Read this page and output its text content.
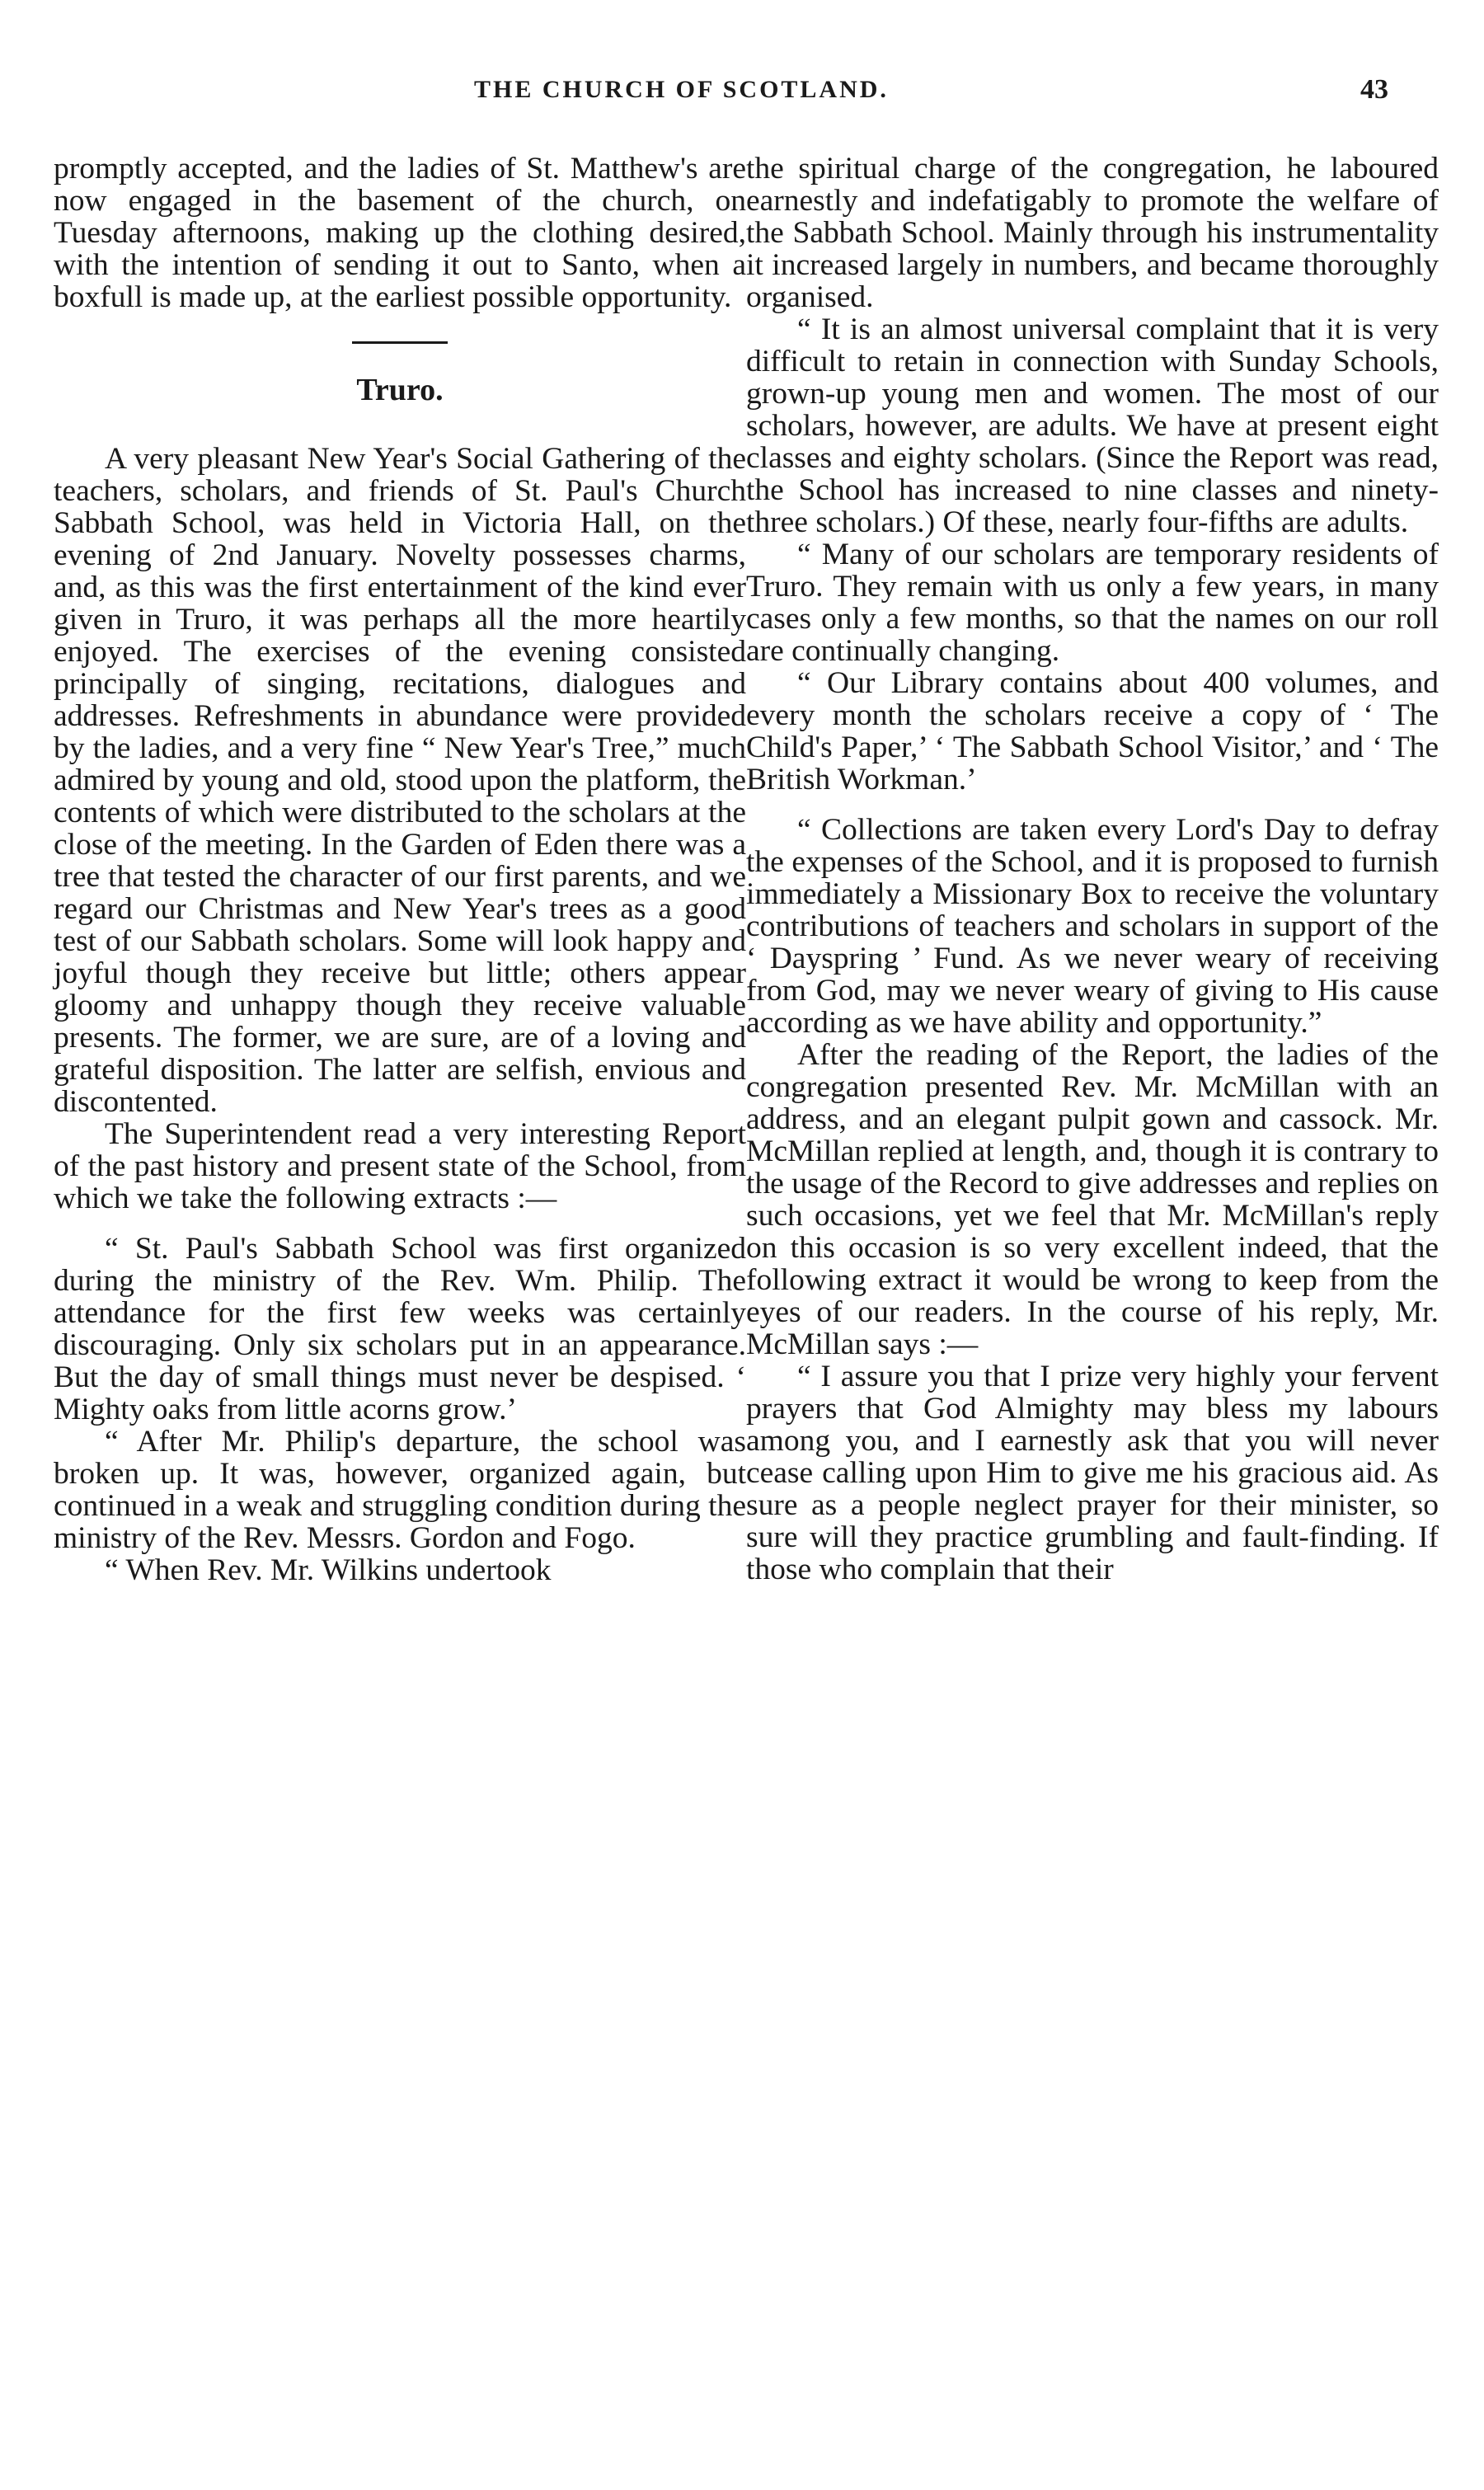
THE CHURCH OF SCOTLAND.	43

promptly accepted, and the ladies of St. Matthew's are now engaged in the basement of the church, on Tuesday afternoons, making up the clothing desired, with the intention of sending it out to Santo, when a boxfull is made up, at the earliest possible opportunity.

Truro.

A very pleasant New Year's Social Gathering of the teachers, scholars, and friends of St. Paul's Church Sabbath School, was held in Victoria Hall, on the evening of 2nd January. Novelty possesses charms, and, as this was the first entertainment of the kind ever given in Truro, it was perhaps all the more heartily enjoyed. The exercises of the evening consisted principally of singing, recitations, dialogues and addresses. Refreshments in abundance were provided by the ladies, and a very fine “ New Year's Tree,” much admired by young and old, stood upon the platform, the contents of which were distributed to the scholars at the close of the meeting. In the Garden of Eden there was a tree that tested the character of our first parents, and we regard our Christmas and New Year's trees as a good test of our Sabbath scholars. Some will look happy and joyful though they receive but little; others appear gloomy and unhappy though they receive valuable presents. The former, we are sure, are of a loving and grateful disposition. The latter are selfish, envious and discontented.

The Superintendent read a very interesting Report of the past history and present state of the School, from which we take the following extracts :—

“ St. Paul's Sabbath School was first organized during the ministry of the Rev. Wm. Philip. The attendance for the first few weeks was certainly discouraging. Only six scholars put in an appearance. But the day of small things must never be despised. ‘ Mighty oaks from little acorns grow.’

“ After Mr. Philip's departure, the school was broken up. It was, however, organized again, but continued in a weak and struggling condition during the ministry of the Rev. Messrs. Gordon and Fogo.

“ When Rev. Mr. Wilkins undertook

the spiritual charge of the congregation, he laboured earnestly and indefatigably to promote the welfare of the Sabbath School. Mainly through his instrumentality it increased largely in numbers, and became thoroughly organised.

“ It is an almost universal complaint that it is very difficult to retain in connection with Sunday Schools, grown-up young men and women. The most of our scholars, however, are adults. We have at present eight classes and eighty scholars. (Since the Report was read, the School has increased to nine classes and ninety-three scholars.) Of these, nearly four-fifths are adults.

“ Many of our scholars are temporary residents of Truro. They remain with us only a few years, in many cases only a few months, so that the names on our roll are continually changing.

“ Our Library contains about 400 volumes, and every month the scholars receive a copy of ‘ The Child's Paper,’ ‘ The Sabbath School Visitor,’ and ‘ The British Workman.’

“ Collections are taken every Lord's Day to defray the expenses of the School, and it is proposed to furnish immediately a Missionary Box to receive the voluntary contributions of teachers and scholars in support of the ‘ Dayspring ’ Fund. As we never weary of receiving from God, may we never weary of giving to His cause according as we have ability and opportunity.”

After the reading of the Report, the ladies of the congregation presented Rev. Mr. McMillan with an address, and an elegant pulpit gown and cassock. Mr. McMillan replied at length, and, though it is contrary to the usage of the Record to give addresses and replies on such occasions, yet we feel that Mr. McMillan's reply on this occasion is so very excellent indeed, that the following extract it would be wrong to keep from the eyes of our readers. In the course of his reply, Mr. McMillan says :—

“ I assure you that I prize very highly your fervent prayers that God Almighty may bless my labours among you, and I earnestly ask that you will never cease calling upon Him to give me his gracious aid. As sure as a people neglect prayer for their minister, so sure will they practice grumbling and fault-finding. If those who complain that their
